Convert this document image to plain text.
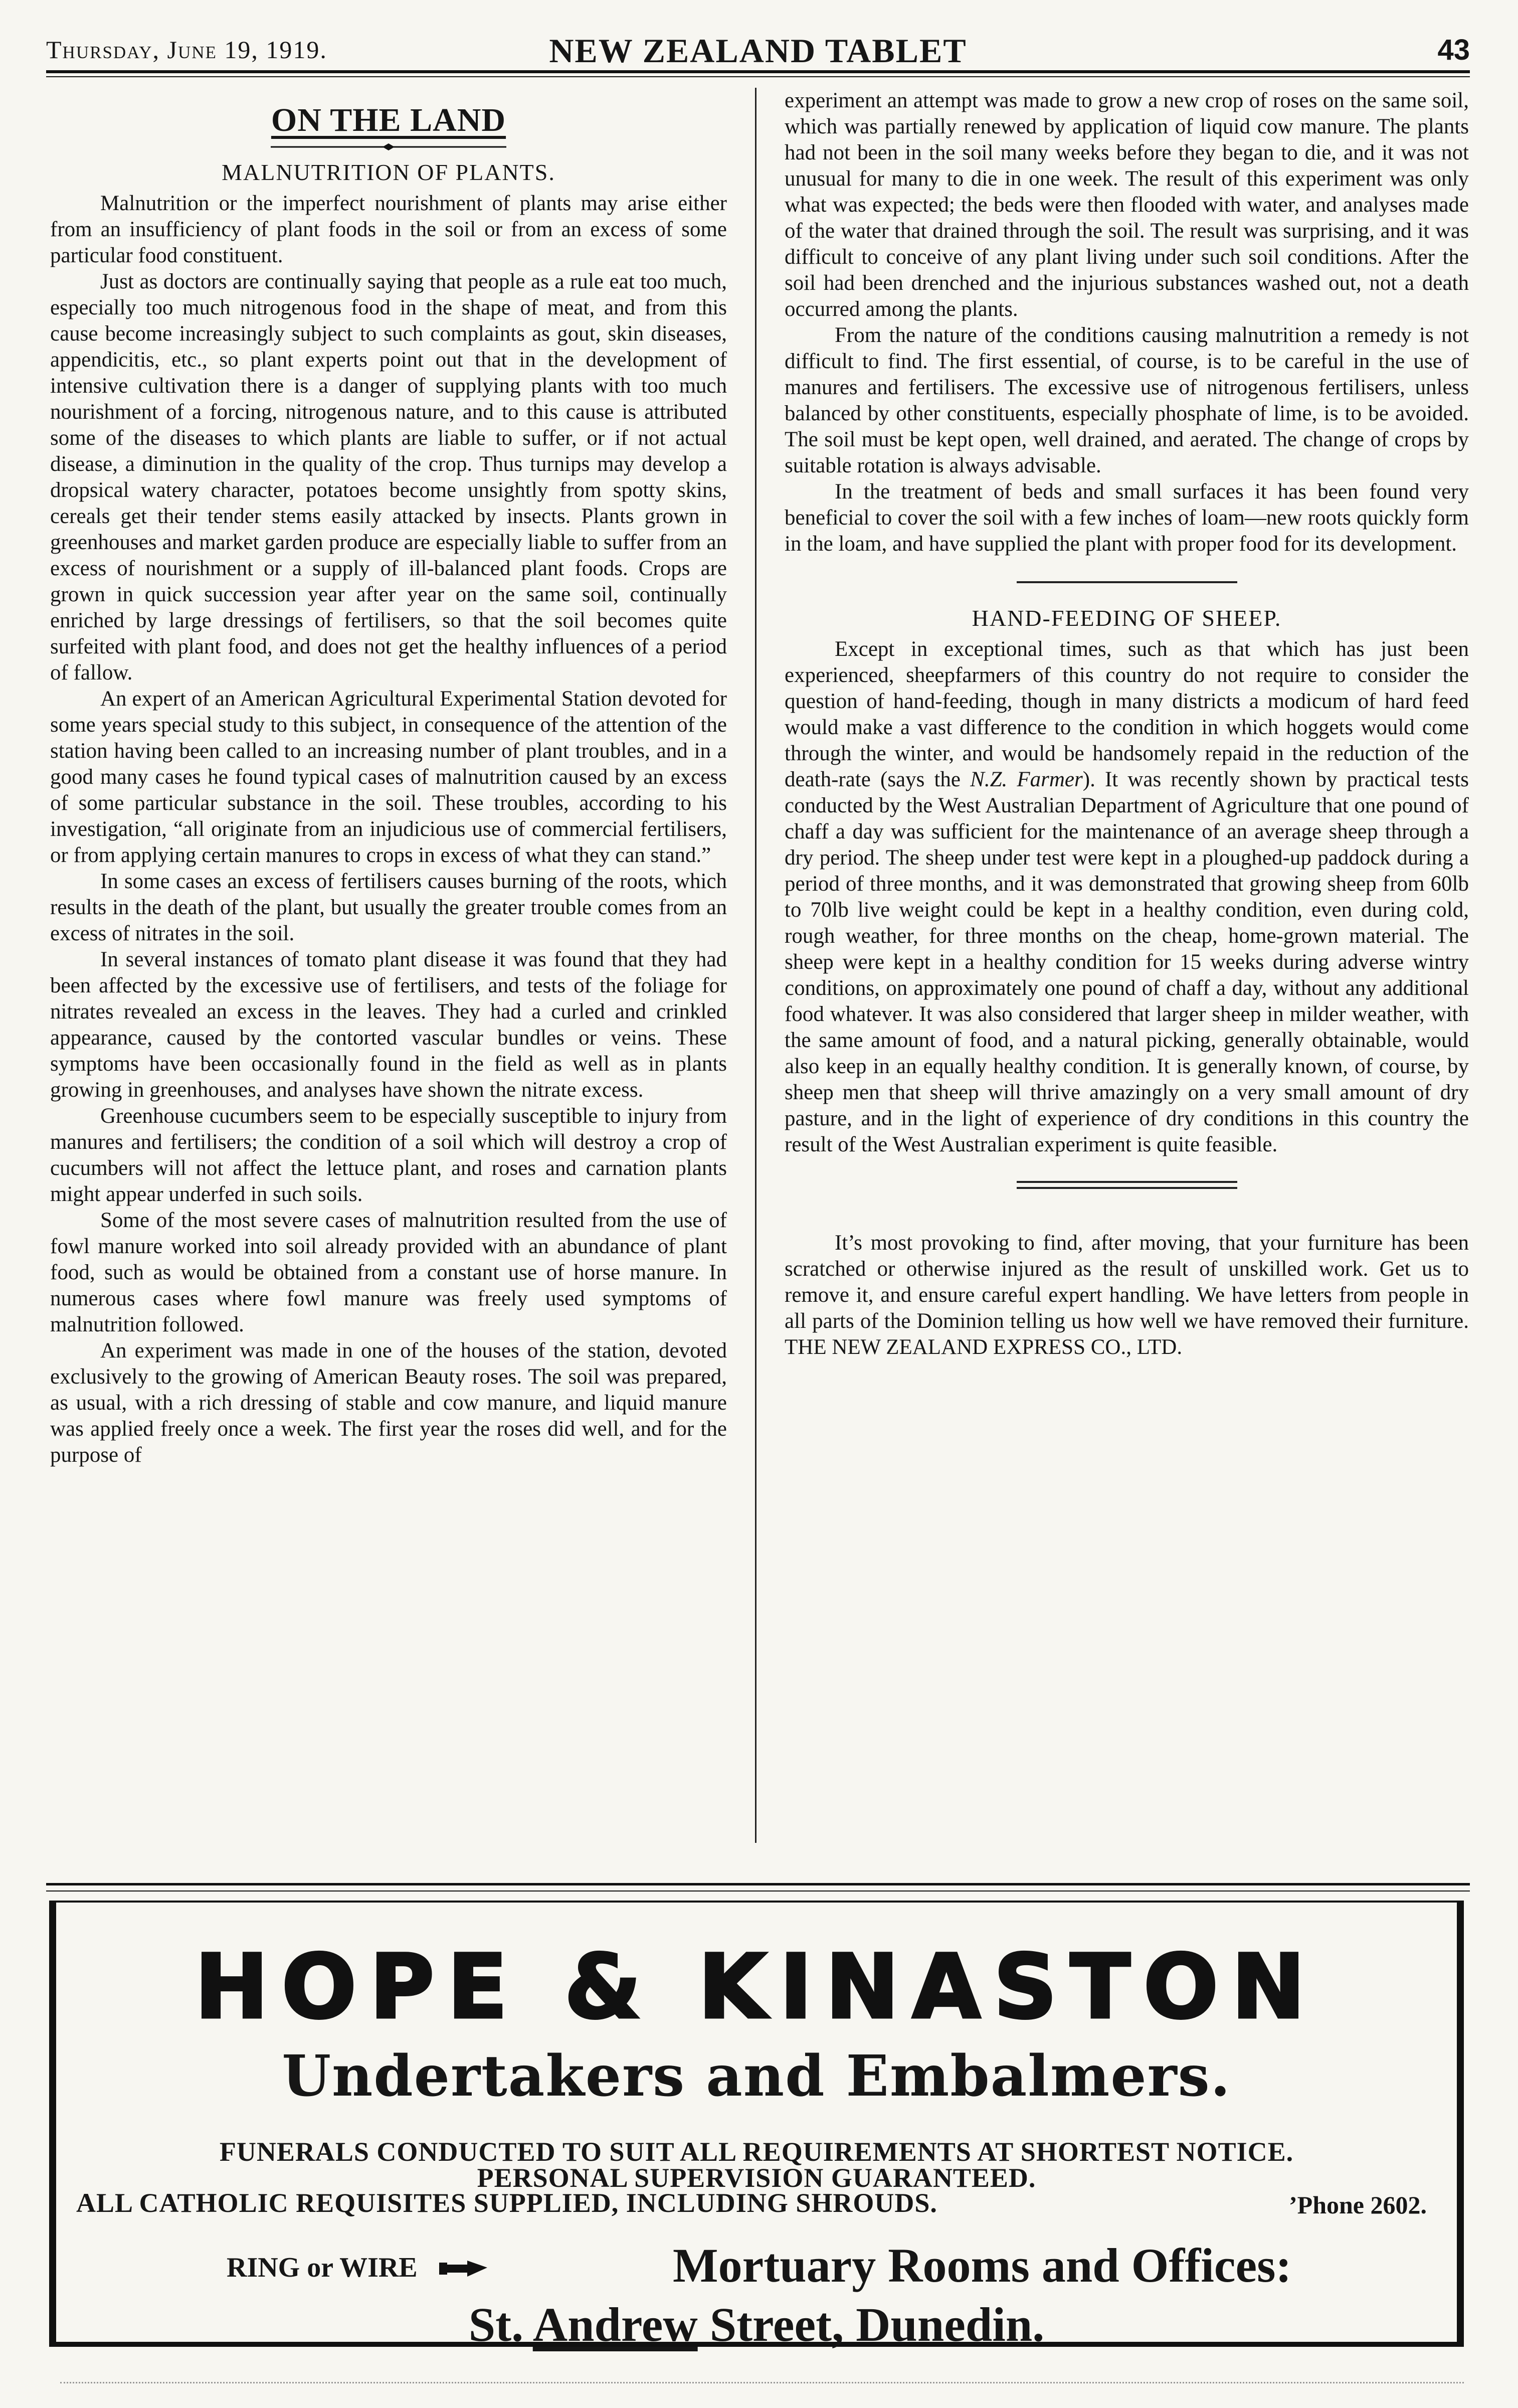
Thursday, June 19, 1919.	NEW ZEALAND TABLET	43
ON THE LAND
MALNUTRITION OF PLANTS.

Malnutrition or the imperfect nourishment of plants may arise either from an insufficiency of plant foods in the soil or from an excess of some particular food constituent.

Just as doctors are continually saying that people as a rule eat too much, especially too much nitrogenous food in the shape of meat, and from this cause become increasingly subject to such complaints as gout, skin diseases, appendicitis, etc., so plant experts point out that in the development of intensive cultivation there is a danger of supplying plants with too much nourishment of a forcing, nitrogenous nature, and to this cause is attributed some of the diseases to which plants are liable to suffer, or if not actual disease, a diminution in the quality of the crop. Thus turnips may develop a dropsical watery character, potatoes become unsightly from spotty skins, cereals get their tender stems easily attacked by insects. Plants grown in greenhouses and market garden produce are especially liable to suffer from an excess of nourishment or a supply of ill-balanced plant foods. Crops are grown in quick succession year after year on the same soil, continually enriched by large dressings of fertilisers, so that the soil becomes quite surfeited with plant food, and does not get the healthy influences of a period of fallow.

An expert of an American Agricultural Experimental Station devoted for some years special study to this subject, in consequence of the attention of the station having been called to an increasing number of plant troubles, and in a good many cases he found typical cases of malnutrition caused by an excess of some particular substance in the soil. These troubles, according to his investigation, “all originate from an injudicious use of commercial fertilisers, or from applying certain manures to crops in excess of what they can stand.”

In some cases an excess of fertilisers causes burning of the roots, which results in the death of the plant, but usually the greater trouble comes from an excess of nitrates in the soil.

In several instances of tomato plant disease it was found that they had been affected by the excessive use of fertilisers, and tests of the foliage for nitrates revealed an excess in the leaves. They had a curled and crinkled appearance, caused by the contorted vascular bundles or veins. These symptoms have been occasionally found in the field as well as in plants growing in greenhouses, and analyses have shown the nitrate excess.

Greenhouse cucumbers seem to be especially susceptible to injury from manures and fertilisers; the condition of a soil which will destroy a crop of cucumbers will not affect the lettuce plant, and roses and carnation plants might appear underfed in such soils.

Some of the most severe cases of malnutrition resulted from the use of fowl manure worked into soil already provided with an abundance of plant food, such as would be obtained from a constant use of horse manure. In numerous cases where fowl manure was freely used symptoms of malnutrition followed.

An experiment was made in one of the houses of the station, devoted exclusively to the growing of American Beauty roses. The soil was prepared, as usual, with a rich dressing of stable and cow manure, and liquid manure was applied freely once a week. The first year the roses did well, and for the purpose of

experiment an attempt was made to grow a new crop of roses on the same soil, which was partially renewed by application of liquid cow manure. The plants had not been in the soil many weeks before they began to die, and it was not unusual for many to die in one week. The result of this experiment was only what was expected; the beds were then flooded with water, and analyses made of the water that drained through the soil. The result was surprising, and it was difficult to conceive of any plant living under such soil conditions. After the soil had been drenched and the injurious substances washed out, not a death occurred among the plants.

From the nature of the conditions causing malnutrition a remedy is not difficult to find. The first essential, of course, is to be careful in the use of manures and fertilisers. The excessive use of nitrogenous fertilisers, unless balanced by other constituents, especially phosphate of lime, is to be avoided. The soil must be kept open, well drained, and aerated. The change of crops by suitable rotation is always advisable.

In the treatment of beds and small surfaces it has been found very beneficial to cover the soil with a few inches of loam—new roots quickly form in the loam, and have supplied the plant with proper food for its development.

HAND-FEEDING OF SHEEP.

Except in exceptional times, such as that which has just been experienced, sheepfarmers of this country do not require to consider the question of hand-feeding, though in many districts a modicum of hard feed would make a vast difference to the condition in which hoggets would come through the winter, and would be handsomely repaid in the reduction of the death-rate (says the N.Z. Farmer). It was recently shown by practical tests conducted by the West Australian Department of Agriculture that one pound of chaff a day was sufficient for the maintenance of an average sheep through a dry period. The sheep under test were kept in a ploughed-up paddock during a period of three months, and it was demonstrated that growing sheep from 60lb to 70lb live weight could be kept in a healthy condition, even during cold, rough weather, for three months on the cheap, home-grown material. The sheep were kept in a healthy condition for 15 weeks during adverse wintry conditions, on approximately one pound of chaff a day, without any additional food whatever. It was also considered that larger sheep in milder weather, with the same amount of food, and a natural picking, generally obtainable, would also keep in an equally healthy condition. It is generally known, of course, by sheep men that sheep will thrive amazingly on a very small amount of dry pasture, and in the light of experience of dry conditions in this country the result of the West Australian experiment is quite feasible.

It’s most provoking to find, after moving, that your furniture has been scratched or otherwise injured as the result of unskilled work. Get us to remove it, and ensure careful expert handling. We have letters from people in all parts of the Dominion telling us how well we have removed their furniture. THE NEW ZEALAND EXPRESS CO., LTD.

HOPE & KINASTON
Undertakers and Embalmers.
FUNERALS CONDUCTED TO SUIT ALL REQUIREMENTS AT SHORTEST NOTICE.
PERSONAL SUPERVISION GUARANTEED.
ALL CATHOLIC REQUISITES SUPPLIED, INCLUDING SHROUDS.	’Phone 2602.
RING or WIRE	Mortuary Rooms and Offices:
St. Andrew Street, Dunedin.
